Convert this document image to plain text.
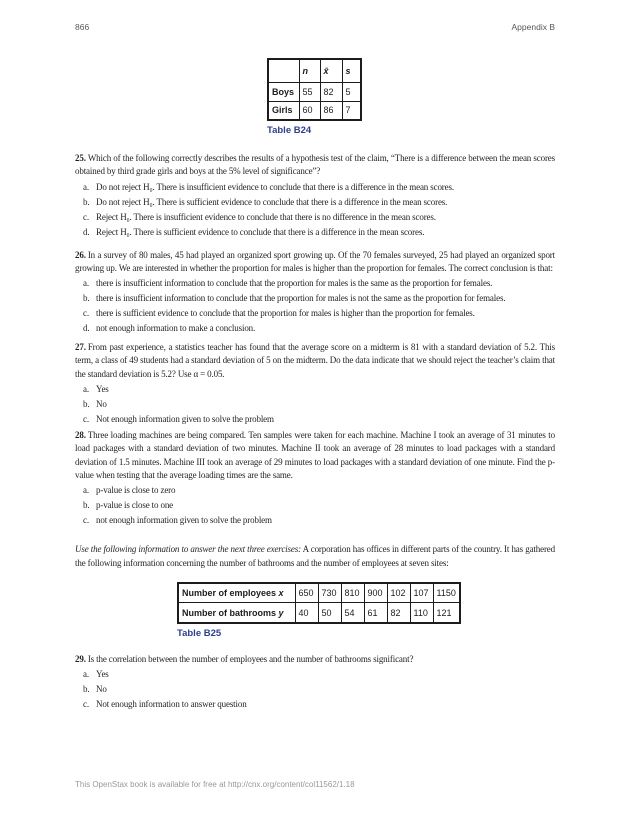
866	Appendix B
	n	x̄	s
Boys	55	82	5
Girls	60	86	7
Table B24
25. Which of the following correctly describes the results of a hypothesis test of the claim, “There is a difference between the mean scores obtained by third grade girls and boys at the 5% level of significance”?
a. Do not reject H₀. There is insufficient evidence to conclude that there is a difference in the mean scores.
b. Do not reject H₀. There is sufficient evidence to conclude that there is a difference in the mean scores.
c. Reject H₀. There is insufficient evidence to conclude that there is no difference in the mean scores.
d. Reject H₀. There is sufficient evidence to conclude that there is a difference in the mean scores.
26. In a survey of 80 males, 45 had played an organized sport growing up. Of the 70 females surveyed, 25 had played an organized sport growing up. We are interested in whether the proportion for males is higher than the proportion for females. The correct conclusion is that:
a. there is insufficient information to conclude that the proportion for males is the same as the proportion for females.
b. there is insufficient information to conclude that the proportion for males is not the same as the proportion for females.
c. there is sufficient evidence to conclude that the proportion for males is higher than the proportion for females.
d. not enough information to make a conclusion.
27. From past experience, a statistics teacher has found that the average score on a midterm is 81 with a standard deviation of 5.2. This term, a class of 49 students had a standard deviation of 5 on the midterm. Do the data indicate that we should reject the teacher’s claim that the standard deviation is 5.2? Use α = 0.05.
a. Yes
b. No
c. Not enough information given to solve the problem
28. Three loading machines are being compared. Ten samples were taken for each machine. Machine I took an average of 31 minutes to load packages with a standard deviation of two minutes. Machine II took an average of 28 minutes to load packages with a standard deviation of 1.5 minutes. Machine III took an average of 29 minutes to load packages with a standard deviation of one minute. Find the p-value when testing that the average loading times are the same.
a. p-value is close to zero
b. p-value is close to one
c. not enough information given to solve the problem
Use the following information to answer the next three exercises: A corporation has offices in different parts of the country. It has gathered the following information concerning the number of bathrooms and the number of employees at seven sites:
Number of employees x	650	730	810	900	102	107	1150
Number of bathrooms y	40	50	54	61	82	110	121
Table B25
29. Is the correlation between the number of employees and the number of bathrooms significant?
a. Yes
b. No
c. Not enough information to answer question
This OpenStax book is available for free at http://cnx.org/content/col11562/1.18
